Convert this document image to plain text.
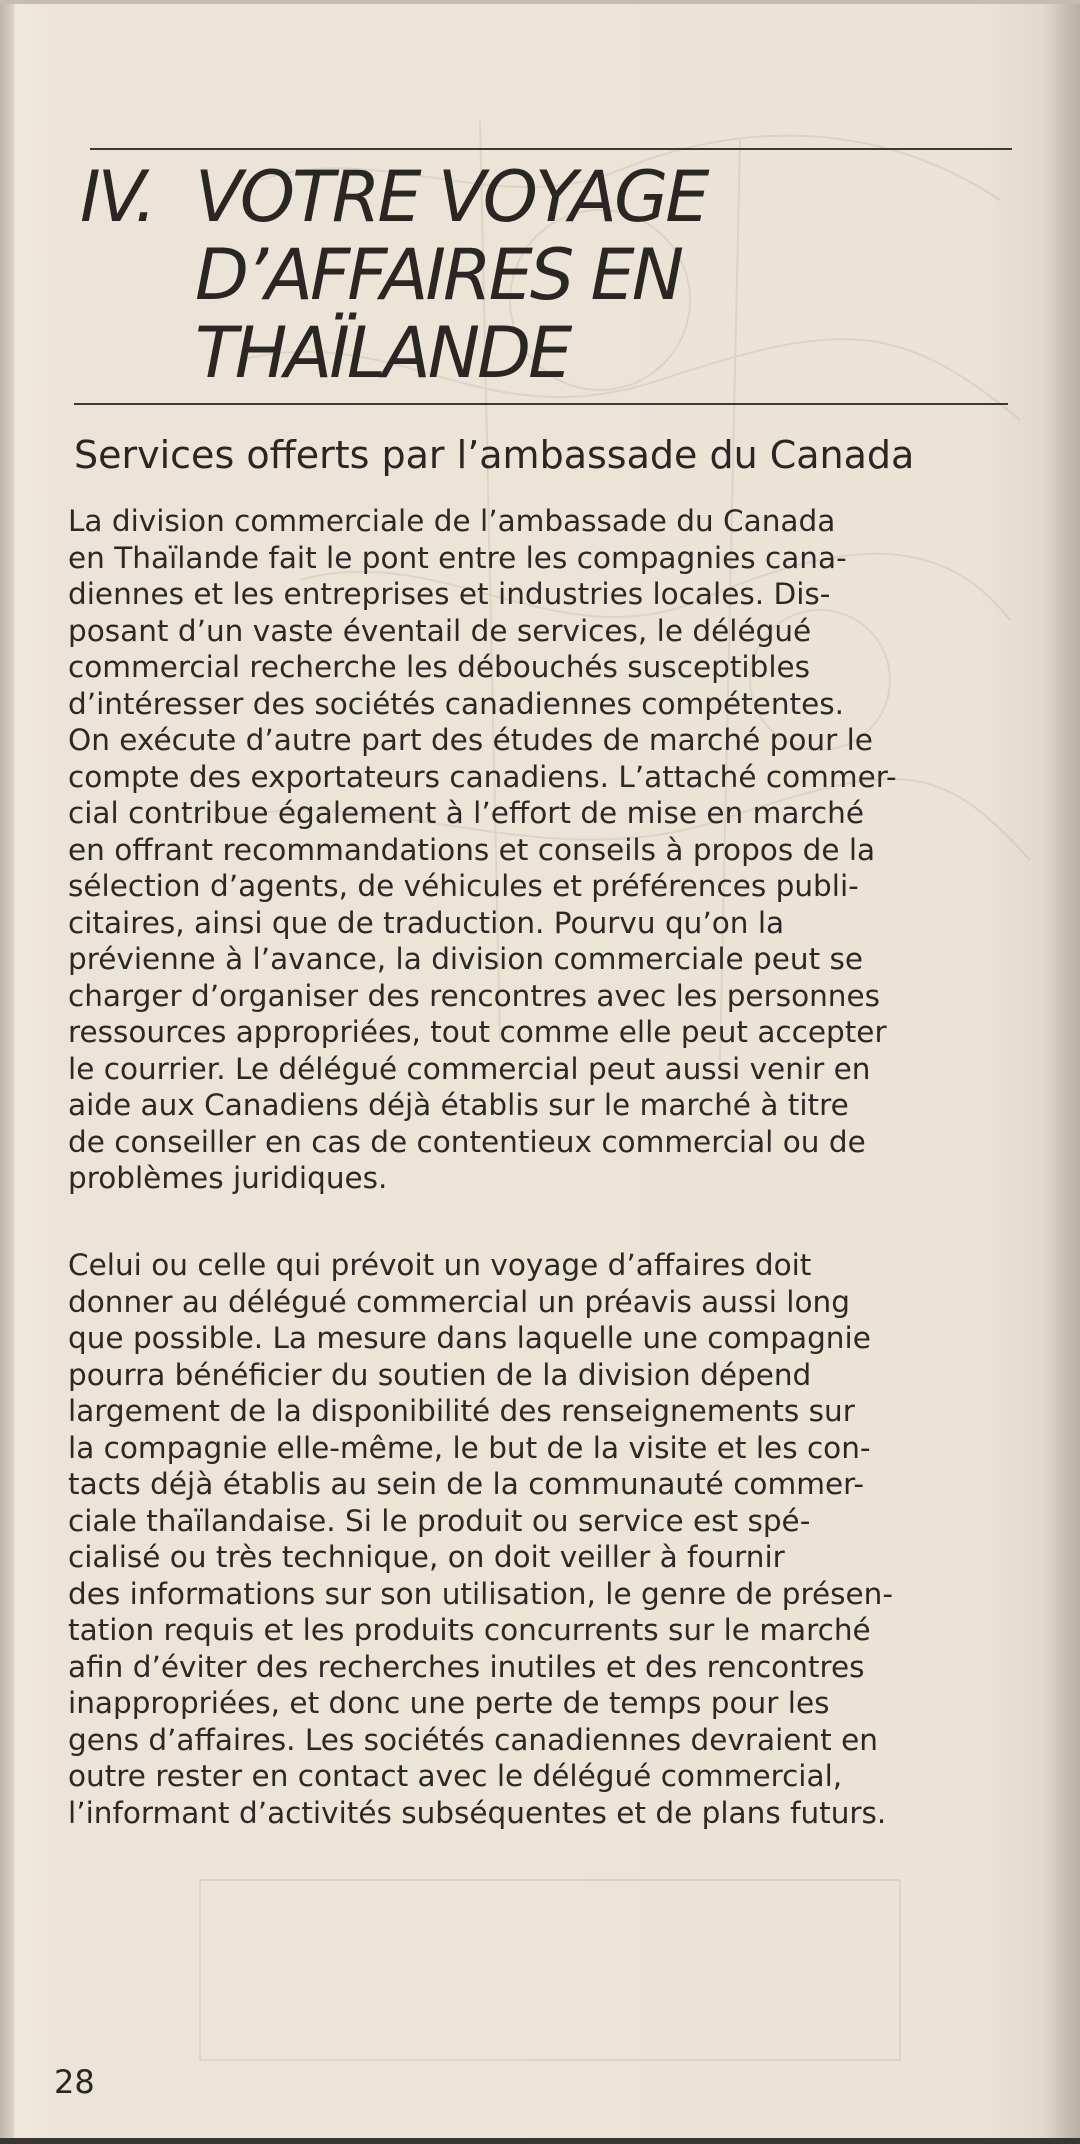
IV. VOTRE VOYAGE
D’AFFAIRES EN
THAÏLANDE
Services offerts par l’ambassade du Canada

La division commerciale de l’ambassade du Canada
en Thaïlande fait le pont entre les compagnies cana-
diennes et les entreprises et industries locales. Dis-
posant d’un vaste éventail de services, le délégué
commercial recherche les débouchés susceptibles
d’intéresser des sociétés canadiennes compétentes.
On exécute d’autre part des études de marché pour le
compte des exportateurs canadiens. L’attaché commer-
cial contribue également à l’effort de mise en marché
en offrant recommandations et conseils à propos de la
sélection d’agents, de véhicules et préférences publi-
citaires, ainsi que de traduction. Pourvu qu’on la
prévienne à l’avance, la division commerciale peut se
charger d’organiser des rencontres avec les personnes
ressources appropriées, tout comme elle peut accepter
le courrier. Le délégué commercial peut aussi venir en
aide aux Canadiens déjà établis sur le marché à titre
de conseiller en cas de contentieux commercial ou de
problèmes juridiques.

Celui ou celle qui prévoit un voyage d’affaires doit
donner au délégué commercial un préavis aussi long
que possible. La mesure dans laquelle une compagnie
pourra bénéficier du soutien de la division dépend
largement de la disponibilité des renseignements sur
la compagnie elle-même, le but de la visite et les con-
tacts déjà établis au sein de la communauté commer-
ciale thaïlandaise. Si le produit ou service est spé-
cialisé ou très technique, on doit veiller à fournir
des informations sur son utilisation, le genre de présen-
tation requis et les produits concurrents sur le marché
afin d’éviter des recherches inutiles et des rencontres
inappropriées, et donc une perte de temps pour les
gens d’affaires. Les sociétés canadiennes devraient en
outre rester en contact avec le délégué commercial,
l’informant d’activités subséquentes et de plans futurs.

28
